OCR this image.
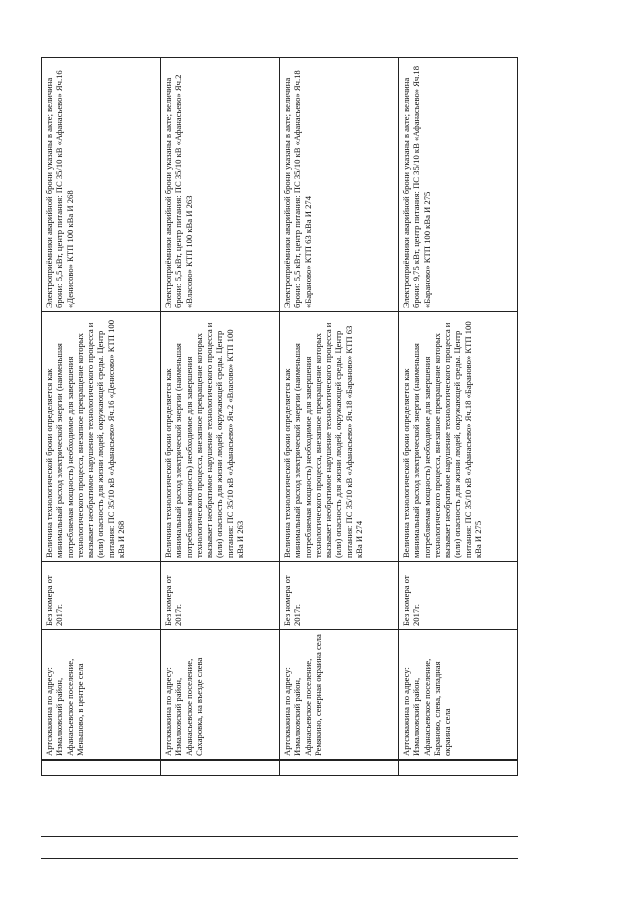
	Артскважина по адресу: Измалковский район, Афанасьевское поселение, Меньшово, в центре села	Без номера от 2017г.	Величина технологической брони определяется как минимальный расход электрической энергии (наименьшая потребляемая мощность) необходимое для завершения технологического процесса, внезапное прекращение которых вызывает необратимое нарушение технологического процесса и (или) опасность для жизни людей, окружающей среды. Центр питания: ПС 35/10 кВ «Афанасьево» Яч.16 «Денисово» КТП 100 кВа И 268	Электроприёмники аварийной брони указаны в акте; величина брони: 5,5 кВт, центр питания: ПС 35/10 кВ «Афанасьево» Яч.16 «Денисово» КТП 100 кВа И 268
	Артскважина по адресу: Измалковский район, Афанасьевское поселение, Сахаровка, на въезде слева	Без номера от 2017г.	Величина технологической брони определяется как минимальный расход электрической энергии (наименьшая потребляемая мощность) необходимое для завершения технологического процесса, внезапное прекращение которых вызывает необратимое нарушение технологического процесса и (или) опасность для жизни людей, окружающей среды. Центр питания: ПС 35/10 кВ «Афанасьево» Яч.2 «Власово» КТП 100 кВа И 263	Электроприёмники аварийной брони указаны в акте; величина брони: 5,5 кВт, центр питания: ПС 35/10 кВ «Афанасьево» Яч.2 «Власово» КТП 100 кВа И 263
	Артскважина по адресу: Измалковский район, Афанасьевское поселение, Ремякино, северная окраина села	Без номера от 2017г.	Величина технологической брони определяется как минимальный расход электрической энергии (наименьшая потребляемая мощность) необходимое для завершения технологического процесса, внезапное прекращение которых вызывает необратимое нарушение технологического процесса и (или) опасность для жизни людей, окружающей среды. Центр питания: ПС 35/10 кВ «Афанасьево» Яч.18 «Бараново» КТП 63 кВа И 274	Электроприёмники аварийной брони указаны в акте; величина брони: 5,5 кВт, центр питания: ПС 35/10 кВ «Афанасьево» Яч.18 «Бараново» КТП 63 кВа И 274
	Артскважина по адресу: Измалковский район, Афанасьевское поселение, Бараново, слева, западная окраина села	Без номера от 2017г.	Величина технологической брони определяется как минимальный расход электрической энергии (наименьшая потребляемая мощность) необходимое для завершения технологического процесса, внезапное прекращение которых вызывает необратимое нарушение технологического процесса и (или) опасность для жизни людей, окружающей среды. Центр питания: ПС 35/10 кВ «Афанасьево» Яч.18 «Бараново» КТП 100 кВа И 275	Электроприёмники аварийной брони указаны в акте; величина брони: 9,75 кВт, центр питания: ПС 35/10 кВ «Афанасьево» Яч.18 «Бараново» КТП 100 кВа И 275
